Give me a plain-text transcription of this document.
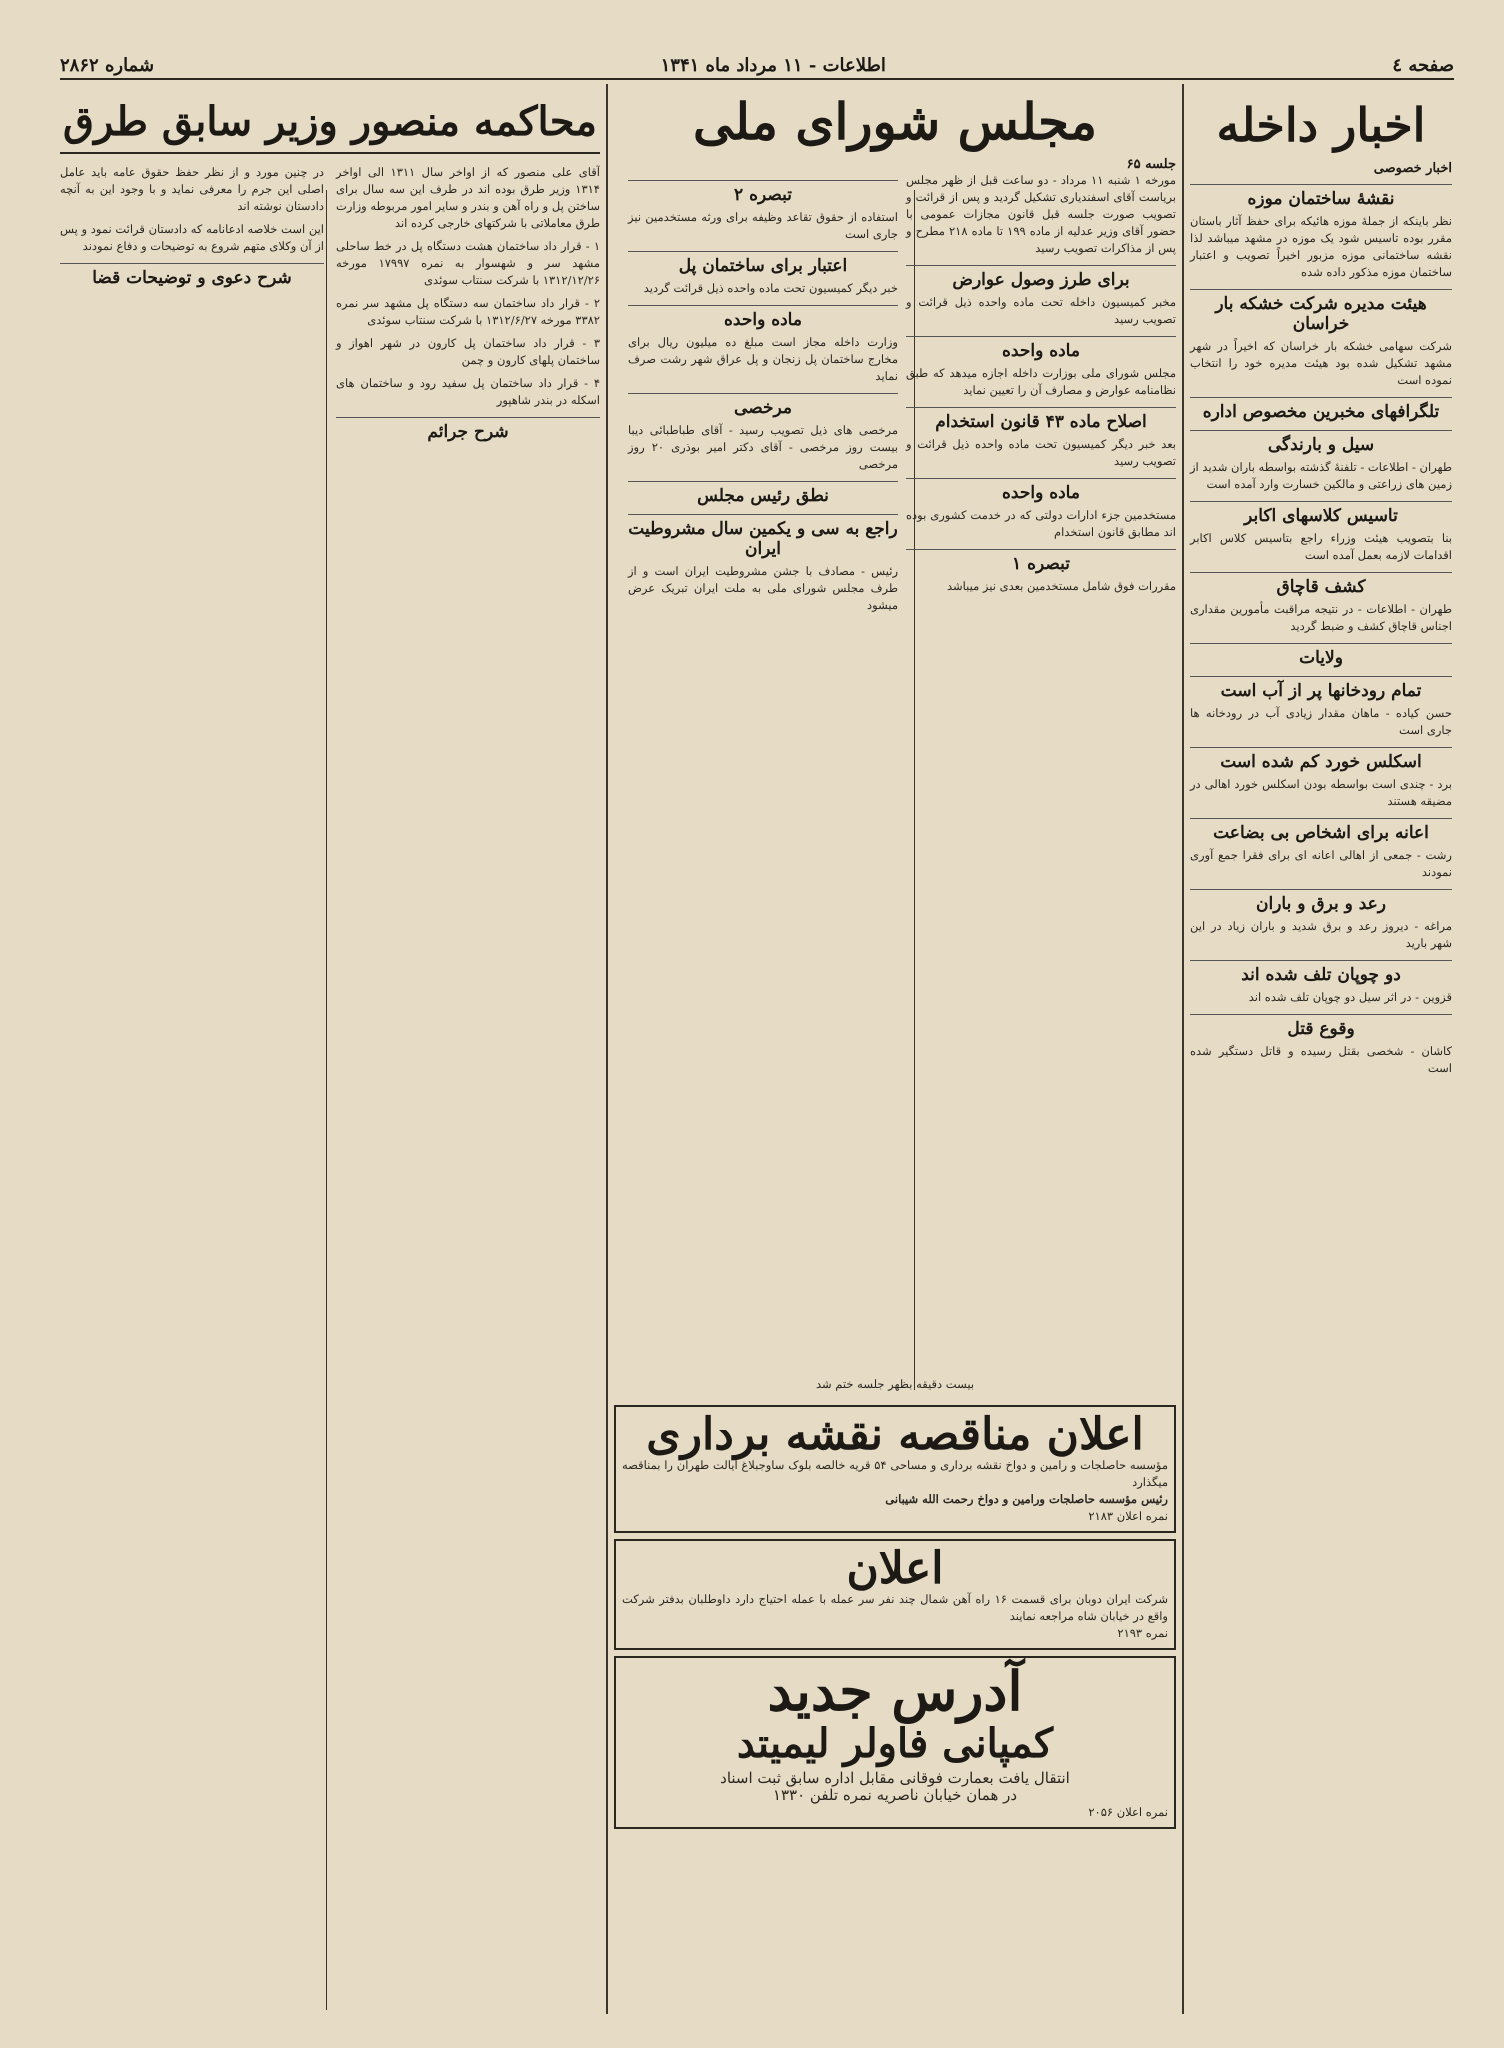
صفحه ٤
اطلاعات - ۱۱ مرداد ماه ۱۳۴۱
شماره ۲۸۶۲
اخبار داخله
اخبار خصوصی
نقشهٔ ساختمان موزه
نظر باینکه از جملهٔ موزه هائیکه برای حفظ آثار باستان مقرر بوده تاسیس شود یک موزه در مشهد میباشد لذا نقشه ساختمانی موزه مزبور اخیراً تصویب و اعتبار ساختمان موزه مذکور داده شده
هیئت مدیره شرکت خشکه بار خراسان
شرکت سهامی خشکه بار خراسان که اخیراً در شهر مشهد تشکیل شده بود هیئت مدیره خود را انتخاب نموده است
تلگرافهای مخبرین مخصوص اداره
سیل و بارندگی
طهران - اطلاعات - تلفنهٔ گذشته بواسطه باران شدید از زمین های زراعتی و مالکین خسارت وارد آمده است
تاسیس کلاسهای اکابر
بنا بتصویب هیئت وزراء راجع بتاسیس کلاس اکابر اقدامات لازمه بعمل آمده است
کشف قاچاق
طهران - اطلاعات - در نتیجه مراقبت مأمورین مقداری اجناس قاچاق کشف و ضبط گردید
ولایات
تمام رودخانها پر از آب است
حسن کیاده - ماهان مقدار زیادی آب در رودخانه ها جاری است
اسکلس خورد کم شده است
برد - چندی است بواسطه بودن اسکلس خورد اهالی در مضیقه هستند
اعانه برای اشخاص بی بضاعت
رشت - جمعی از اهالی اعانه ای برای فقرا جمع آوری نمودند
رعد و برق و باران
مراغه - دیروز رعد و برق شدید و باران زیاد در این شهر بارید
دو چوپان تلف شده اند
قزوین - در اثر سیل دو چوپان تلف شده اند
وقوع قتل
کاشان - شخصی بقتل رسیده و قاتل دستگیر شده است
مجلس شورای ملی
جلسه ۶۵
مورخه ۱ شنبه ۱۱ مرداد - دو ساعت قبل از ظهر مجلس بریاست آقای اسفندیاری تشکیل گردید و پس از قرائت و تصویب صورت جلسه قبل قانون مجازات عمومی با حضور آقای وزیر عدلیه از ماده ۱۹۹ تا ماده ۲۱۸ مطرح و پس از مذاکرات تصویب رسید
برای طرز وصول عوارض
مخبر کمیسیون داخله تحت ماده واحده ذیل قرائت و تصویب رسید
ماده واحده
مجلس شورای ملی بوزارت داخله اجازه میدهد که طبق نظامنامه عوارض و مصارف آن را تعیین نماید
اصلاح ماده ۴۳ قانون استخدام
بعد خبر دیگر کمیسیون تحت ماده واحده ذیل قرائت و تصویب رسید
ماده واحده
مستخدمین جزء ادارات دولتی که در خدمت کشوری بوده اند مطابق قانون استخدام
تبصره ۱
مقررات فوق شامل مستخدمین بعدی نیز میباشد
تبصره ۲
استفاده از حقوق تقاعد وظیفه برای ورثه مستخدمین نیز جاری است
اعتبار برای ساختمان پل
خبر دیگر کمیسیون تحت ماده واحده ذیل قرائت گردید
ماده واحده
وزارت داخله مجاز است مبلغ ده میلیون ریال برای مخارج ساختمان پل زنجان و پل عراق شهر رشت صرف نماید
مرخصی
مرخصی های ذیل تصویب رسید - آقای طباطبائی دیبا بیست روز مرخصی - آقای دکتر امیر بوذری ۲۰ روز مرخصی
نطق رئیس مجلس
راجع به سی و یکمین سال مشروطیت ایران
رئیس - مصادف با جشن مشروطیت ایران است و از طرف مجلس شورای ملی به ملت ایران تبریک عرض میشود
بیست دقیقه بظهر جلسه ختم شد
اعلان مناقصه نقشه برداری
مؤسسه حاصلجات و رامین و دواخ نقشه برداری و مساحی ۵۴ قریه خالصه بلوک ساوجبلاغ ایالت طهران را بمناقصه میگذارد
رئیس مؤسسه حاصلجات ورامین و دواخ رحمت الله شیبانی
نمره اعلان ۲۱۸۳
اعلان
شرکت ایران دوبان برای قسمت ۱۶ راه آهن شمال چند نفر سر عمله با عمله احتیاج دارد داوطلبان بدفتر شرکت واقع در خیابان شاه مراجعه نمایند
نمره ۲۱۹۳
آدرس جدید
کمپانی فاولر لیمیتد
انتقال یافت بعمارت فوقانی مقابل اداره سابق ثبت اسناد
در همان خیابان ناصریه نمره تلفن ۱۳۳۰
نمره اعلان ۲۰۵۶
محاکمه منصور وزیر سابق طرق
آقای علی منصور که از اواخر سال ۱۳۱۱ الی اواخر ۱۳۱۴ وزیر طرق بوده اند در طرف این سه سال برای ساختن پل و راه آهن و بندر و سایر امور مربوطه وزارت طرق معاملاتی با شرکتهای خارجی کرده اند
۱ - قرار داد ساختمان هشت دستگاه پل در خط ساحلی مشهد سر و شهسوار به نمره ۱۷۹۹۷ مورخه ۱۳۱۲/۱۲/۲۶ با شرکت سنتاب سوئدی
۲ - قرار داد ساختمان سه دستگاه پل مشهد سر نمره ۳۳۸۲ مورخه ۱۳۱۲/۶/۲۷ با شرکت سنتاب سوئدی
۳ - قرار داد ساختمان پل کارون در شهر اهواز و ساختمان پلهای کارون و چمن
۴ - قرار داد ساختمان پل سفید رود و ساختمان های اسکله در بندر شاهپور
شرح جرائم
در چنین مورد و از نظر حفظ حقوق عامه باید عامل اصلی این جرم را معرفی نماید و با وجود این به آنچه دادستان نوشته اند
این است خلاصه ادعانامه که دادستان قرائت نمود و پس از آن وکلای متهم شروع به توضیحات و دفاع نمودند
شرح دعوی و توضیحات قضا
